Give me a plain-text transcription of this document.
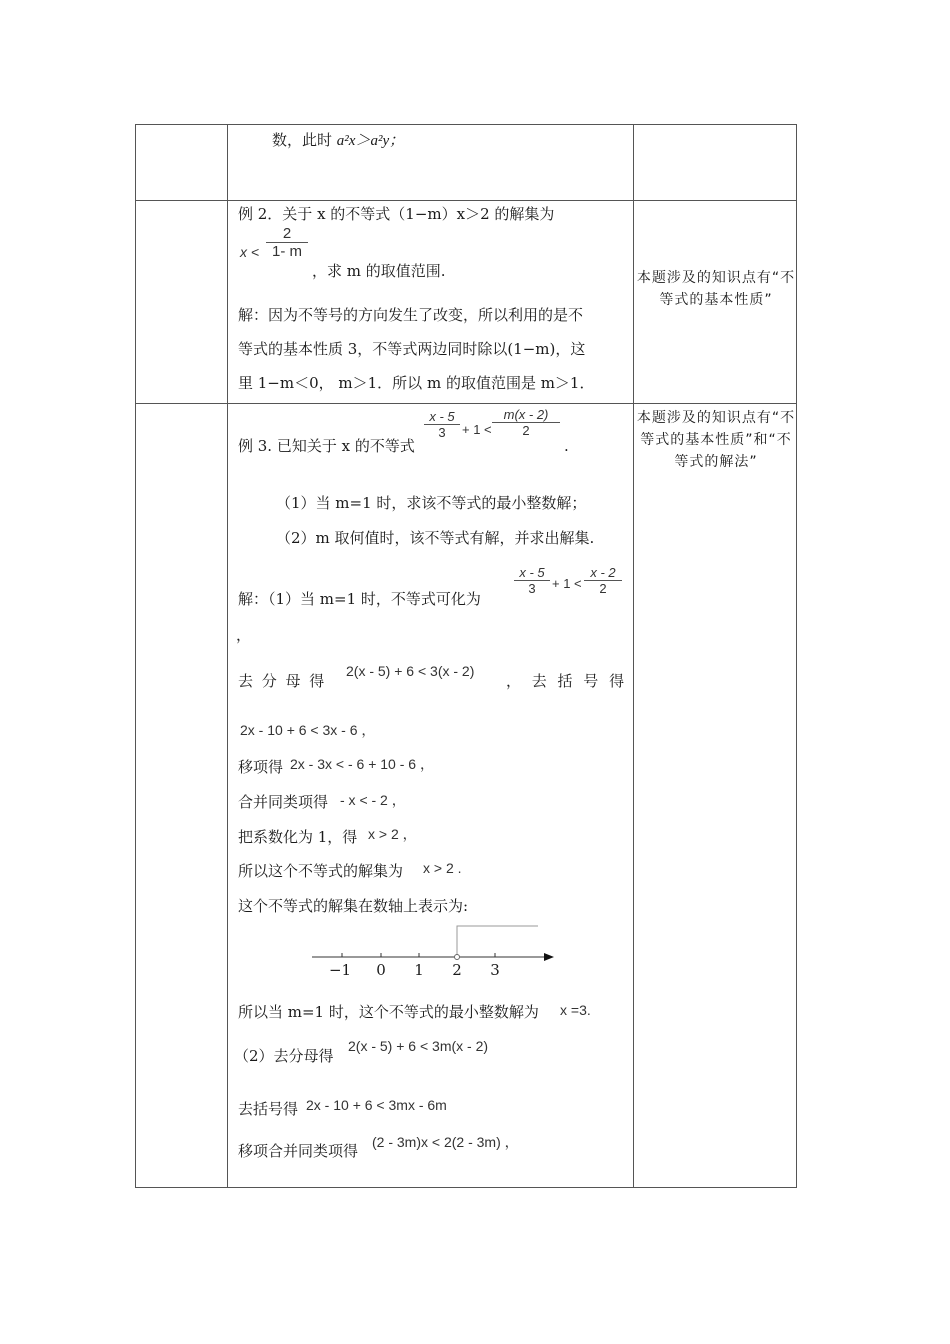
数，此时 a²x＞a²y；
例 2．关于 x 的不等式（1−m）x＞2 的解集为
x <
2
1- m
，求 m 的取值范围.
解：因为不等号的方向发生了改变，所以利用的是不
等式的基本性质 3，不等式两边同时除以(1−m)，这
里 1−m＜0， m＞1．所以 m 的取值范围是 m＞1．
本题涉及的知识点有“不等式的基本性质”
例 3. 已知关于 x 的不等式
x - 5
3	+ 1 <
m(x - 2)
2
.
（1）当 m=1 时，求该不等式的最小整数解；
（2）m 取何值时，该不等式有解，并求出解集.
解：（1）当 m=1 时，不等式可化为
x - 5
3	+ 1 <
x - 2
2
，
去 分 母 得
2(x - 5) + 6 < 3(x - 2)
， 去 括 号 得
2x - 10 + 6 < 3x - 6 ，
移项得 2x - 3x < - 6 + 10 - 6 ，
合并同类项得 - x < - 2 ，
把系数化为 1，得 x > 2 ，
所以这个不等式的解集为 x > 2 .
这个不等式的解集在数轴上表示为:
−1 0 1 2 3
所以当 m=1 时，这个不等式的最小整数解为 x =3.
（2）去分母得
2(x - 5) + 6 < 3m(x - 2)
去括号得 2x - 10 + 6 < 3mx - 6m
移项合并同类项得 (2 - 3m)x < 2(2 - 3m) ，
本题涉及的知识点有“不等式的基本性质”和“不等式的解法”
